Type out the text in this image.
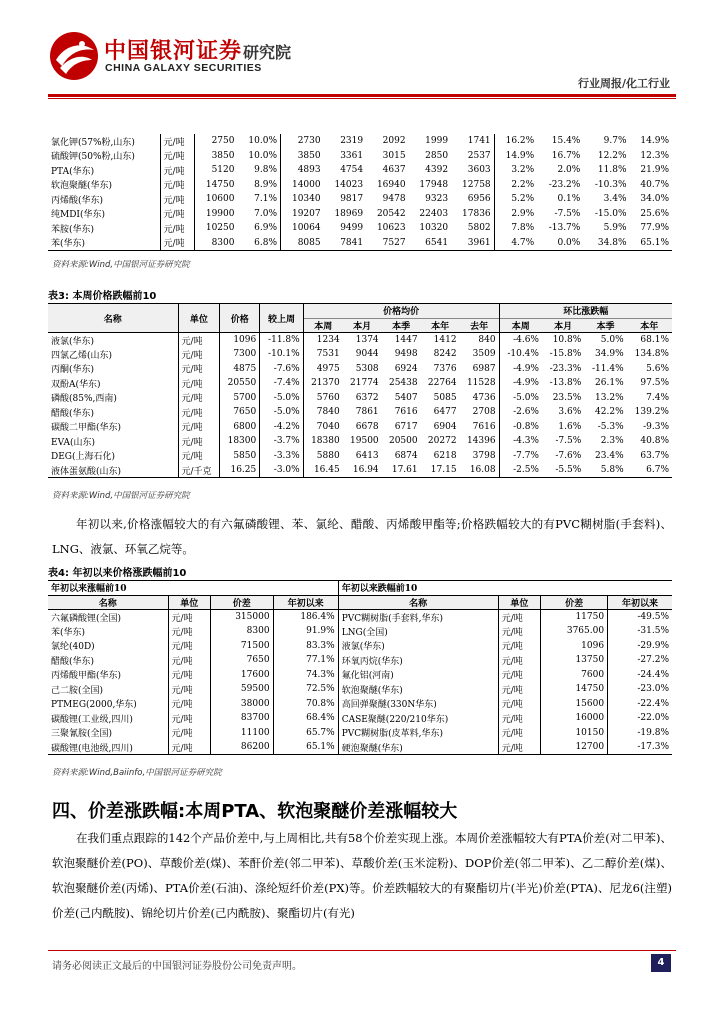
中国银河证券
CHINA GALAXY SECURITIES
研究院
行业周报/化工行业
氯化钾(57%粉,山东)	元/吨	2750	10.0%	2730	2319	2092	1999	1741	16.2%	15.4%	9.7%	14.9%
硫酸钾(50%粉,山东)	元/吨	3850	10.0%	3850	3361	3015	2850	2537	14.9%	16.7%	12.2%	12.3%
PTA(华东)	元/吨	5120	9.8%	4893	4754	4637	4392	3603	3.2%	2.0%	11.8%	21.9%
软泡聚醚(华东)	元/吨	14750	8.9%	14000	14023	16940	17948	12758	2.2%	-23.2%	-10.3%	40.7%
丙烯酸(华东)	元/吨	10600	7.1%	10340	9817	9478	9323	6956	5.2%	0.1%	3.4%	34.0%
纯MDI(华东)	元/吨	19900	7.0%	19207	18969	20542	22403	17836	2.9%	-7.5%	-15.0%	25.6%
苯胺(华东)	元/吨	10250	6.9%	10064	9499	10623	10320	5802	7.8%	-13.7%	5.9%	77.9%
苯(华东)	元/吨	8300	6.8%	8085	7841	7527	6541	3961	4.7%	0.0%	34.8%	65.1%
资料来源:Wind,中国银河证券研究院
表3: 本周价格跌幅前10
名称	单位	价格	较上周	价格均价					环比涨跌幅			
				本周	本月	本季	本年	去年	本周	本月	本季	本年
液氯(华东)	元/吨	1096	-11.8%	1234	1374	1447	1412	840	-4.6%	10.8%	5.0%	68.1%
四氯乙烯(山东)	元/吨	7300	-10.1%	7531	9044	9498	8242	3509	-10.4%	-15.8%	34.9%	134.8%
丙酮(华东)	元/吨	4875	-7.6%	4975	5308	6924	7376	6987	-4.9%	-23.3%	-11.4%	5.6%
双酚A(华东)	元/吨	20550	-7.4%	21370	21774	25438	22764	11528	-4.9%	-13.8%	26.1%	97.5%
磷酸(85%,西南)	元/吨	5700	-5.0%	5760	6372	5407	5085	4736	-5.0%	23.5%	13.2%	7.4%
醋酸(华东)	元/吨	7650	-5.0%	7840	7861	7616	6477	2708	-2.6%	3.6%	42.2%	139.2%
碳酸二甲酯(华东)	元/吨	6800	-4.2%	7040	6678	6717	6904	7616	-0.8%	1.6%	-5.3%	-9.3%
EVA(山东)	元/吨	18300	-3.7%	18380	19500	20500	20272	14396	-4.3%	-7.5%	2.3%	40.8%
DEG(上海石化)	元/吨	5850	-3.3%	5880	6413	6874	6218	3798	-7.7%	-7.6%	23.4%	63.7%
液体蛋氨酸(山东)	元/千克	16.25	-3.0%	16.45	16.94	17.61	17.15	16.08	-2.5%	-5.5%	5.8%	6.7%
资料来源:Wind,中国银河证券研究院
年初以来,价格涨幅较大的有六氟磷酸锂、苯、氯纶、醋酸、丙烯酸甲酯等;价格跌幅较大的有PVC糊树脂(手套料)、LNG、液氯、环氧乙烷等。
表4: 年初以来价格涨跌幅前10
年初以来涨幅前10				年初以来跌幅前10			
名称	单位	价差	年初以来	名称	单位	价差	年初以来
六氟磷酸锂(全国)	元/吨	315000	186.4%	PVC糊树脂(手套料,华东)	元/吨	11750	-49.5%
苯(华东)	元/吨	8300	91.9%	LNG(全国)	元/吨	3765.00	-31.5%
氯纶(40D)	元/吨	71500	83.3%	液氯(华东)	元/吨	1096	-29.9%
醋酸(华东)	元/吨	7650	77.1%	环氧丙烷(华东)	元/吨	13750	-27.2%
丙烯酸甲酯(华东)	元/吨	17600	74.3%	氟化铝(河南)	元/吨	7600	-24.4%
己二胺(全国)	元/吨	59500	72.5%	软泡聚醚(华东)	元/吨	14750	-23.0%
PTMEG(2000,华东)	元/吨	38000	70.8%	高回弹聚醚(330N华东)	元/吨	15600	-22.4%
碳酸锂(工业级,四川)	元/吨	83700	68.4%	CASE聚醚(220/210华东)	元/吨	16000	-22.0%
三聚氰胺(全国)	元/吨	11100	65.7%	PVC糊树脂(皮革料,华东)	元/吨	10150	-19.8%
碳酸锂(电池级,四川)	元/吨	86200	65.1%	硬泡聚醚(华东)	元/吨	12700	-17.3%
资料来源:Wind,Baiinfo,中国银河证券研究院
四、价差涨跌幅:本周PTA、软泡聚醚价差涨幅较大
在我们重点跟踪的142个产品价差中,与上周相比,共有58个价差实现上涨。本周价差涨幅较大有PTA价差(对二甲苯)、软泡聚醚价差(PO)、草酸价差(煤)、苯酐价差(邻二甲苯)、草酸价差(玉米淀粉)、DOP价差(邻二甲苯)、乙二醇价差(煤)、软泡聚醚价差(丙烯)、PTA价差(石油)、涤纶短纤价差(PX)等。价差跌幅较大的有聚酯切片(半光)价差(PTA)、尼龙6(注塑)价差(己内酰胺)、锦纶切片价差(己内酰胺)、聚酯切片(有光)
请务必阅读正文最后的中国银河证券股份公司免责声明。	4
